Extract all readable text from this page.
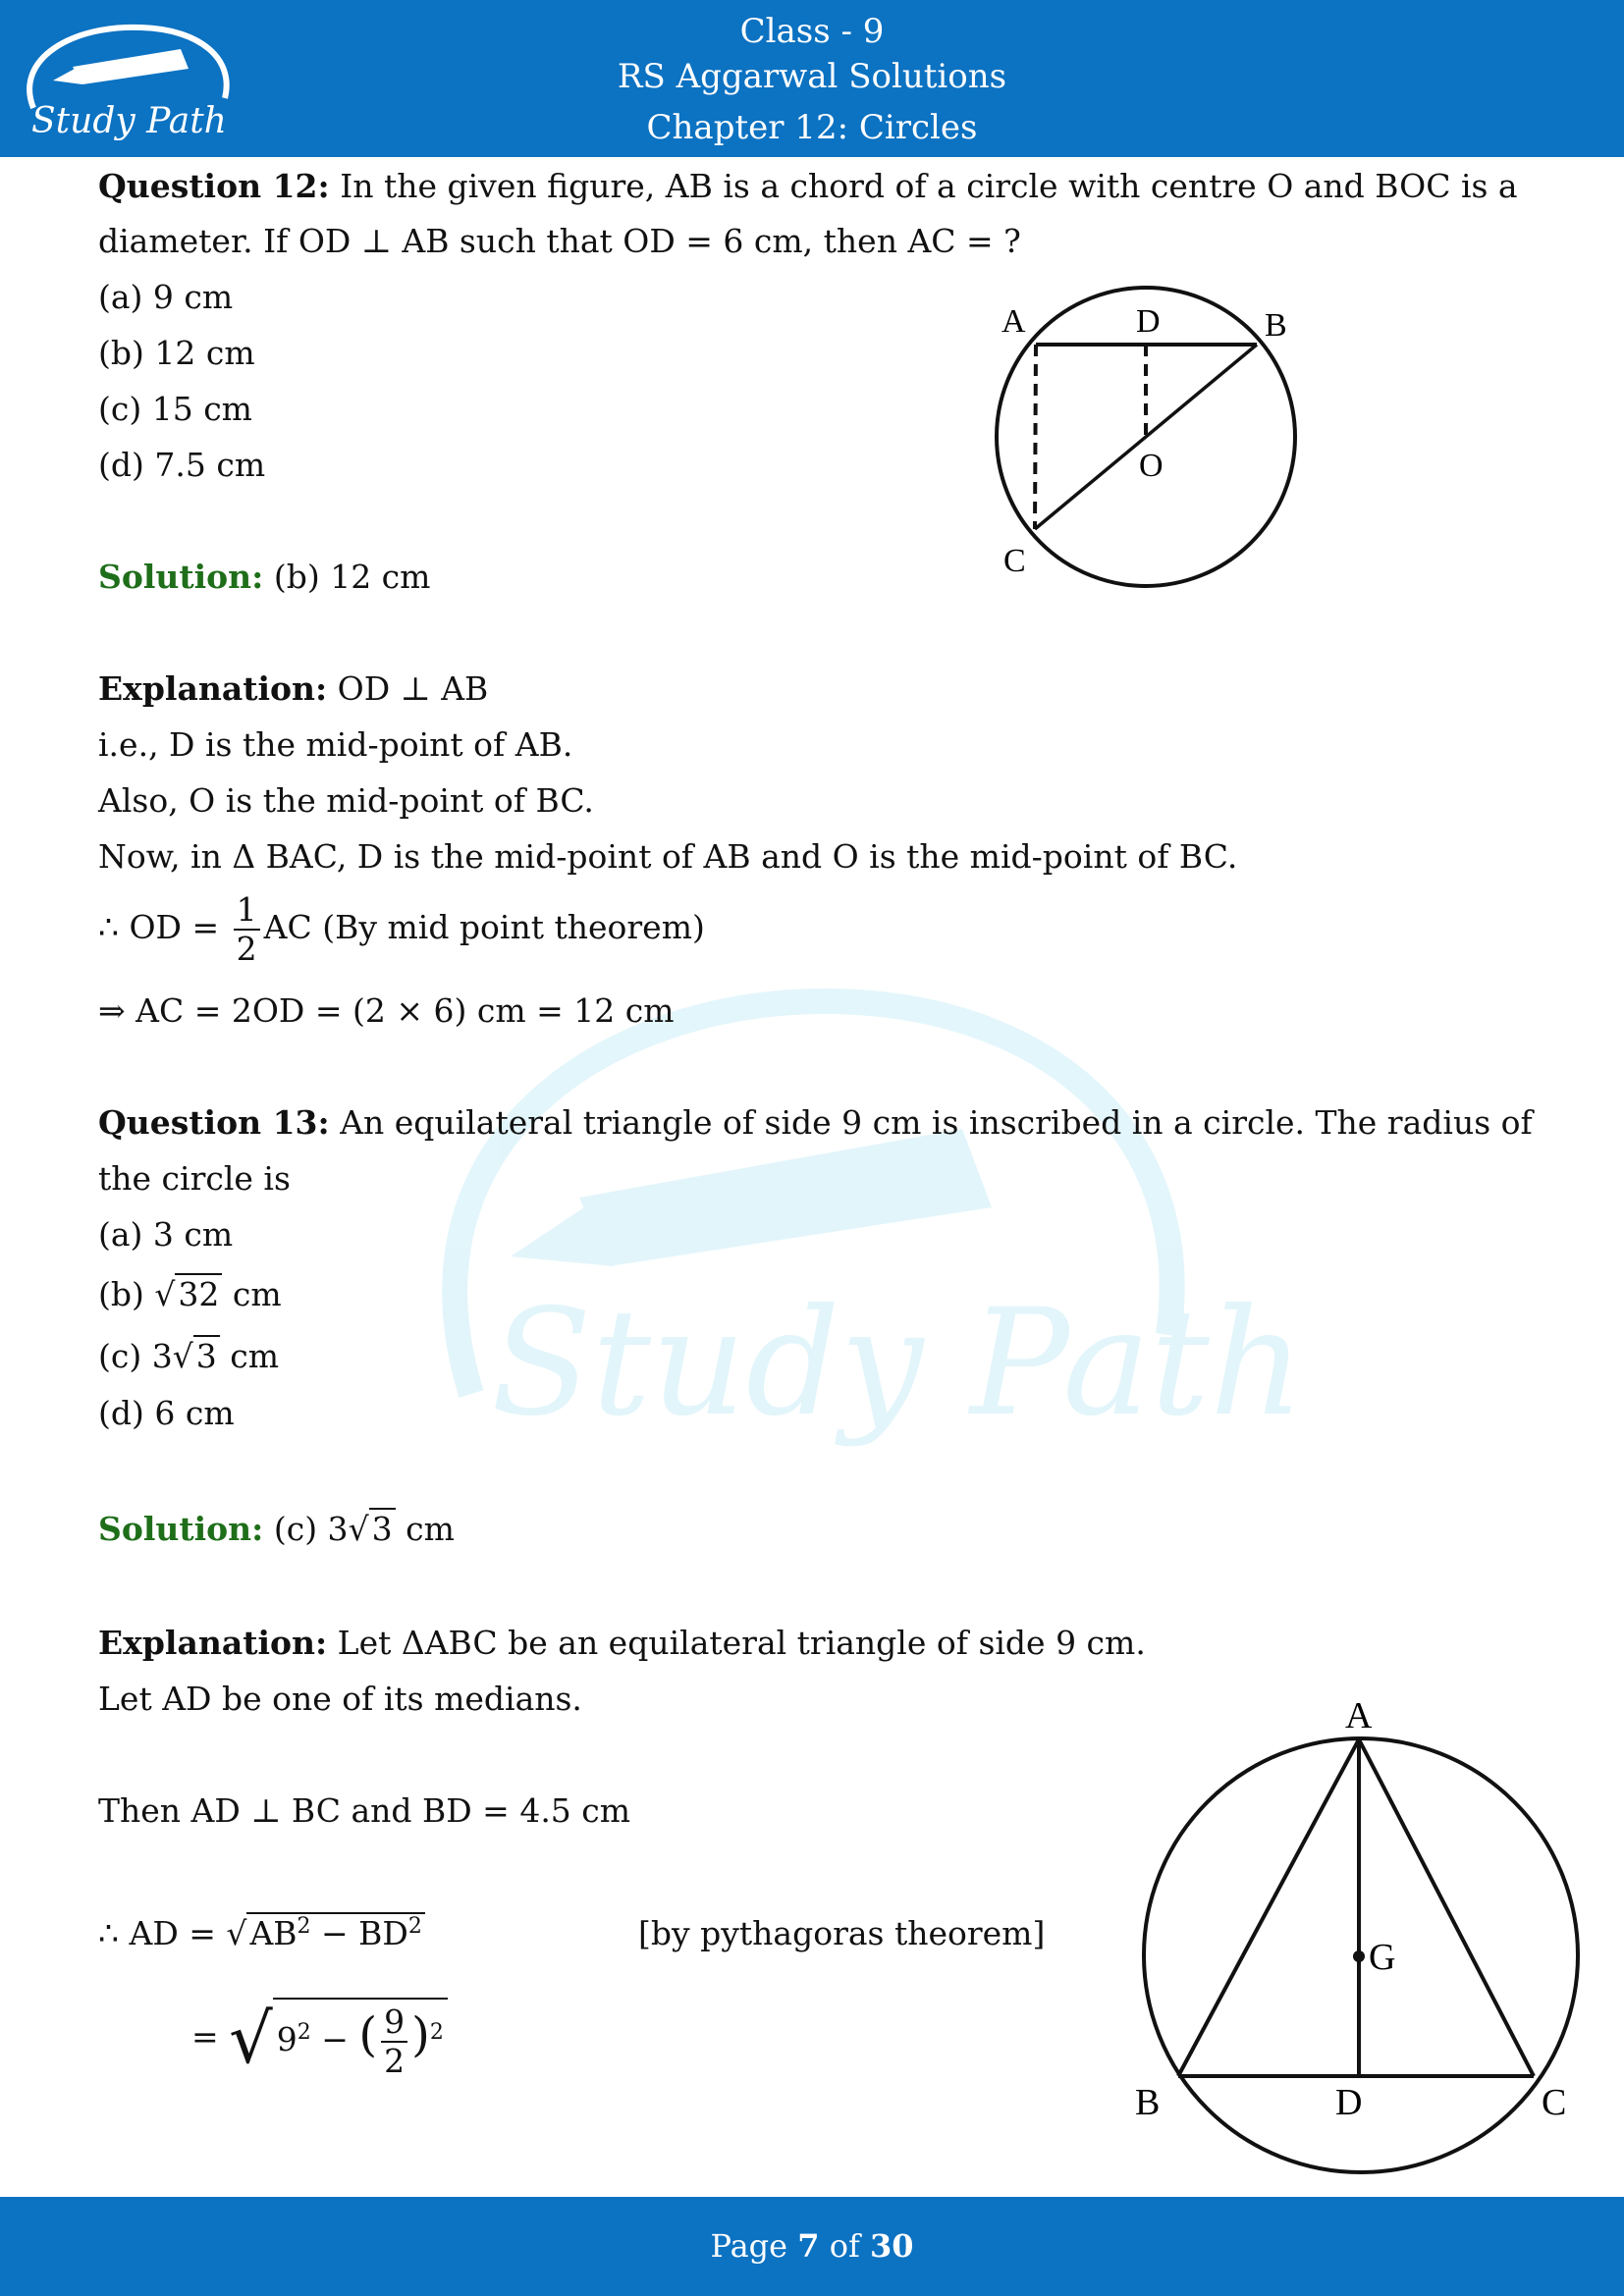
Study Path
Class - 9
RS Aggarwal Solutions
Chapter 12: Circles
Study Path
Question 12: In the given figure, AB is a chord of a circle with centre O and BOC is a
diameter. If OD ⊥ AB such that OD = 6 cm, then AC = ?
(a) 9 cm
(b) 12 cm
(c) 15 cm
(d) 7.5 cm
A	D	B
O
C
Solution: (b) 12 cm
Explanation: OD ⊥ AB
i.e., D is the mid-point of AB.
Also, O is the mid-point of BC.
Now, in Δ BAC, D is the mid-point of AB and O is the mid-point of BC.
∴ OD = $\frac{1}{2}$ AC (By mid point theorem)
⇒ AC = 2OD = (2 × 6) cm = 12 cm
Question 13: An equilateral triangle of side 9 cm is inscribed in a circle. The radius of
the circle is
(a) 3 cm
(b) √32 cm
(c) 3√3 cm
(d) 6 cm
Solution: (c) 3√3 cm
Explanation: Let ΔABC be an equilateral triangle of side 9 cm.
Let AD be one of its medians.
Then AD ⊥ BC and BD = 4.5 cm
∴ AD = $√AB^2 - BD^2$	[by pythagoras theorem]
= √ $9^2$ − ( $\frac{9}{2} )^2$
A
G
B	D	C
Page 7 of 30
